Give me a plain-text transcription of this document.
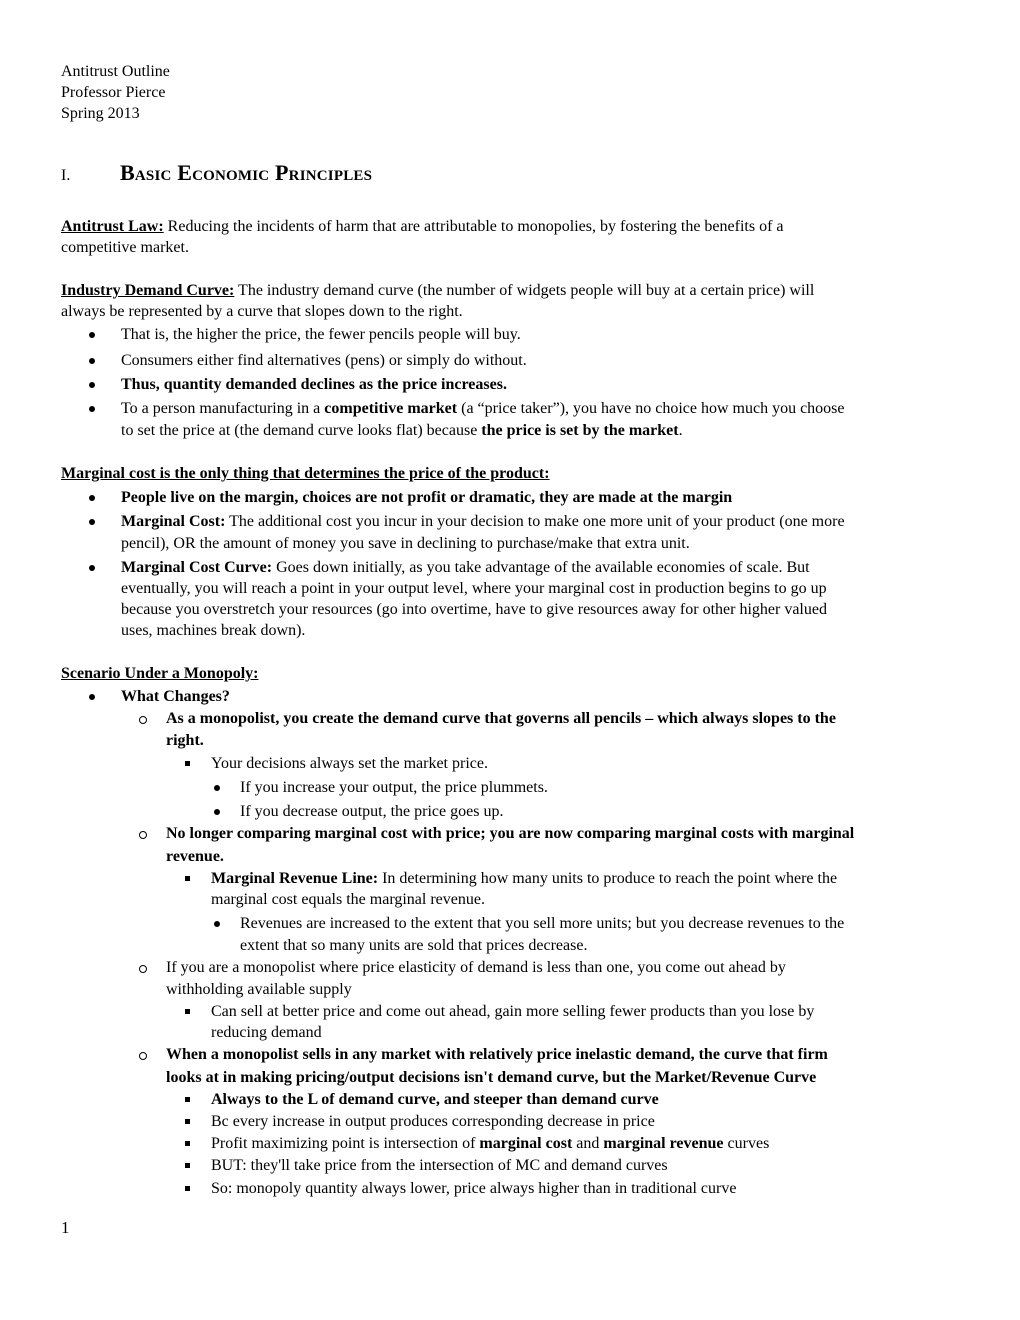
Antitrust Outline
Professor Pierce
Spring 2013
I. Basic Economic Principles
Antitrust Law: Reducing the incidents of harm that are attributable to monopolies, by fostering the benefits of a
competitive market.
Industry Demand Curve: The industry demand curve (the number of widgets people will buy at a certain price) will
always be represented by a curve that slopes down to the right.
That is, the higher the price, the fewer pencils people will buy.
Consumers either find alternatives (pens) or simply do without.
Thus, quantity demanded declines as the price increases.
To a person manufacturing in a competitive market (a “price taker”), you have no choice how much you choose
to set the price at (the demand curve looks flat) because the price is set by the market.
Marginal cost is the only thing that determines the price of the product:
People live on the margin, choices are not profit or dramatic, they are made at the margin
Marginal Cost: The additional cost you incur in your decision to make one more unit of your product (one more
pencil), OR the amount of money you save in declining to purchase/make that extra unit.
Marginal Cost Curve: Goes down initially, as you take advantage of the available economies of scale. But
eventually, you will reach a point in your output level, where your marginal cost in production begins to go up
because you overstretch your resources (go into overtime, have to give resources away for other higher valued
uses, machines break down).
Scenario Under a Monopoly:
What Changes?
As a monopolist, you create the demand curve that governs all pencils – which always slopes to the
right.
Your decisions always set the market price.
If you increase your output, the price plummets.
If you decrease output, the price goes up.
No longer comparing marginal cost with price; you are now comparing marginal costs with marginal
revenue.
Marginal Revenue Line: In determining how many units to produce to reach the point where the
marginal cost equals the marginal revenue.
Revenues are increased to the extent that you sell more units; but you decrease revenues to the
extent that so many units are sold that prices decrease.
If you are a monopolist where price elasticity of demand is less than one, you come out ahead by
withholding available supply
Can sell at better price and come out ahead, gain more selling fewer products than you lose by
reducing demand
When a monopolist sells in any market with relatively price inelastic demand, the curve that firm
looks at in making pricing/output decisions isn't demand curve, but the Market/Revenue Curve
Always to the L of demand curve, and steeper than demand curve
Bc every increase in output produces corresponding decrease in price
Profit maximizing point is intersection of marginal cost and marginal revenue curves
BUT: they'll take price from the intersection of MC and demand curves
So: monopoly quantity always lower, price always higher than in traditional curve
1
